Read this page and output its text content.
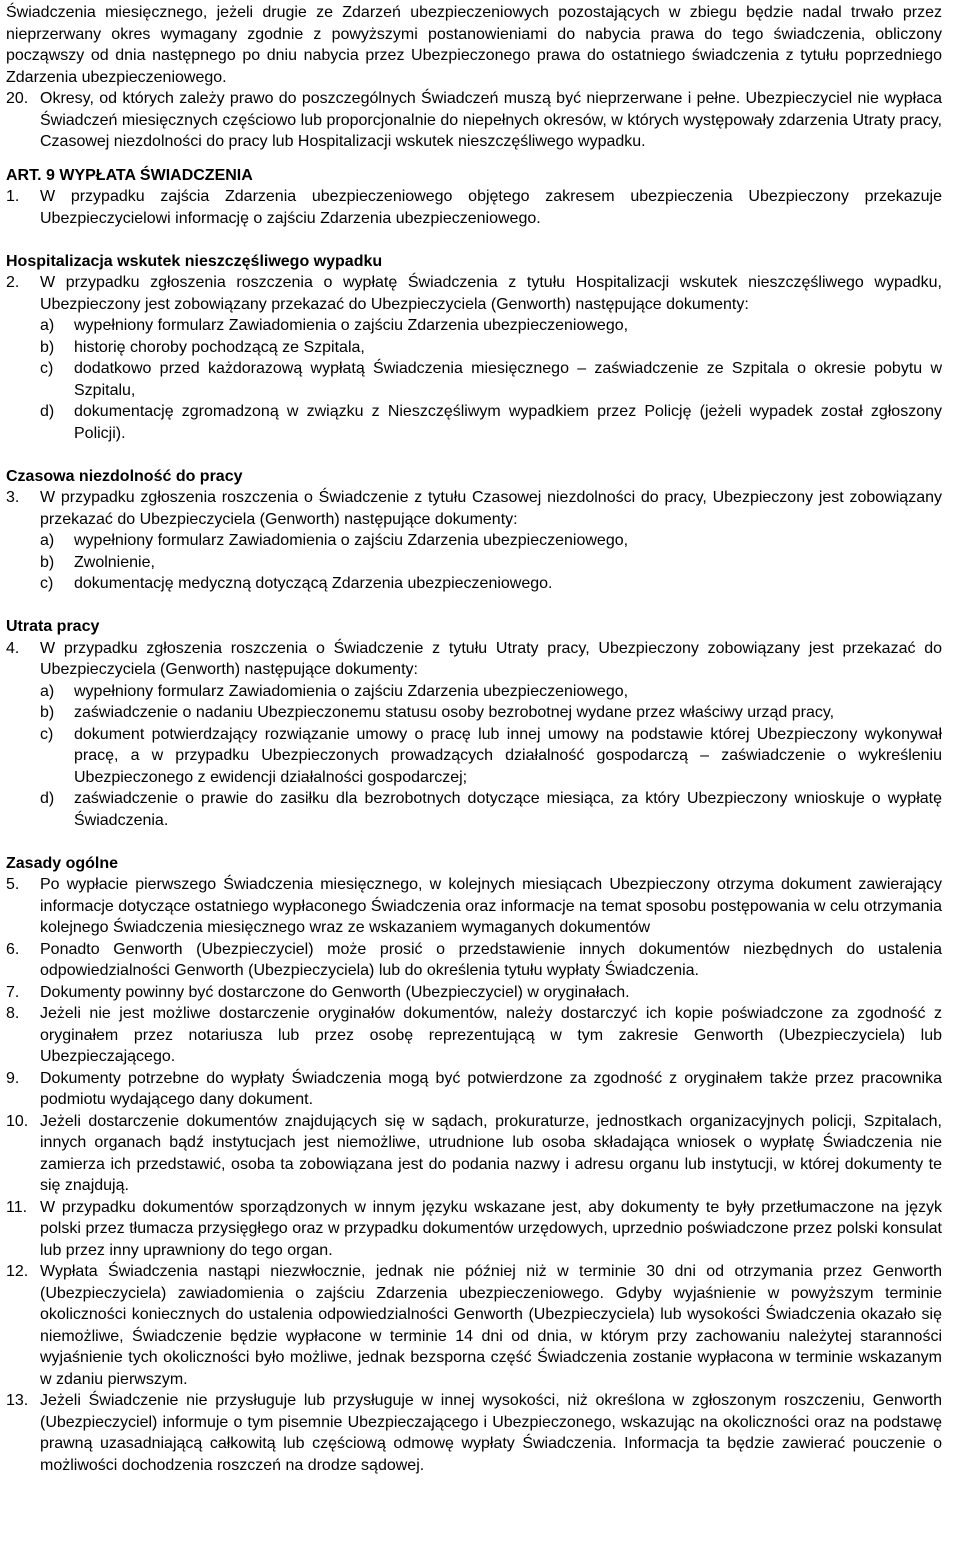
Świadczenia miesięcznego, jeżeli drugie ze Zdarzeń ubezpieczeniowych pozostających w zbiegu będzie nadal trwało przez nieprzerwany okres wymagany zgodnie z powyższymi postanowieniami do nabycia prawa do tego świadczenia, obliczony począwszy od dnia następnego po dniu nabycia przez Ubezpieczonego prawa do ostatniego świadczenia z tytułu poprzedniego Zdarzenia ubezpieczeniowego.

20. Okresy, od których zależy prawo do poszczególnych Świadczeń muszą być nieprzerwane i pełne. Ubezpieczyciel nie wypłaca Świadczeń miesięcznych częściowo lub proporcjonalnie do niepełnych okresów, w których występowały zdarzenia Utraty pracy, Czasowej niezdolności do pracy lub Hospitalizacji wskutek nieszczęśliwego wypadku.

ART. 9 WYPŁATA ŚWIADCZENIA

1.	W przypadku zajścia Zdarzenia ubezpieczeniowego objętego zakresem ubezpieczenia Ubezpieczony przekazuje Ubezpieczycielowi informację o zajściu Zdarzenia ubezpieczeniowego.

Hospitalizacja wskutek nieszczęśliwego wypadku

2.	W przypadku zgłoszenia roszczenia o wypłatę Świadczenia z tytułu Hospitalizacji wskutek nieszczęśliwego wypadku, Ubezpieczony jest zobowiązany przekazać do Ubezpieczyciela (Genworth) następujące dokumenty:
a)	wypełniony formularz Zawiadomienia o zajściu Zdarzenia ubezpieczeniowego,
b)	historię choroby pochodzącą ze Szpitala,
c)	dodatkowo przed każdorazową wypłatą Świadczenia miesięcznego – zaświadczenie ze Szpitala o okresie pobytu w Szpitalu,
d)	dokumentację zgromadzoną w związku z Nieszczęśliwym wypadkiem przez Policję (jeżeli wypadek został zgłoszony Policji).

Czasowa niezdolność do pracy

3.	W przypadku zgłoszenia roszczenia o Świadczenie z tytułu Czasowej niezdolności do pracy, Ubezpieczony jest zobowiązany przekazać do Ubezpieczyciela (Genworth) następujące dokumenty:
a)	wypełniony formularz Zawiadomienia o zajściu Zdarzenia ubezpieczeniowego,
b)	Zwolnienie,
c)	dokumentację medyczną dotyczącą Zdarzenia ubezpieczeniowego.

Utrata pracy

4.	W przypadku zgłoszenia roszczenia o Świadczenie z tytułu Utraty pracy, Ubezpieczony zobowiązany jest przekazać do Ubezpieczyciela (Genworth) następujące dokumenty:
a)	wypełniony formularz Zawiadomienia o zajściu Zdarzenia ubezpieczeniowego,
b)	zaświadczenie o nadaniu Ubezpieczonemu statusu osoby bezrobotnej wydane przez właściwy urząd pracy,
c)	dokument potwierdzający rozwiązanie umowy o pracę lub innej umowy na podstawie której Ubezpieczony wykonywał pracę, a w przypadku Ubezpieczonych prowadzących działalność gospodarczą – zaświadczenie o wykreśleniu Ubezpieczonego z ewidencji działalności gospodarczej;
d)	zaświadczenie o prawie do zasiłku dla bezrobotnych dotyczące miesiąca, za który Ubezpieczony wnioskuje o wypłatę Świadczenia.

Zasady ogólne

5.	Po wypłacie pierwszego Świadczenia miesięcznego, w kolejnych miesiącach Ubezpieczony otrzyma dokument zawierający informacje dotyczące ostatniego wypłaconego Świadczenia oraz informacje na temat sposobu postępowania w celu otrzymania kolejnego Świadczenia miesięcznego wraz ze wskazaniem wymaganych dokumentów
6.	Ponadto Genworth (Ubezpieczyciel) może prosić o przedstawienie innych dokumentów niezbędnych do ustalenia odpowiedzialności Genworth (Ubezpieczyciela) lub do określenia tytułu wypłaty Świadczenia.
7.	Dokumenty powinny być dostarczone do Genworth (Ubezpieczyciel) w oryginałach.
8.	Jeżeli nie jest możliwe dostarczenie oryginałów dokumentów, należy dostarczyć ich kopie poświadczone za zgodność z oryginałem przez notariusza lub przez osobę reprezentującą w tym zakresie Genworth (Ubezpieczyciela) lub Ubezpieczającego.
9.	Dokumenty potrzebne do wypłaty Świadczenia mogą być potwierdzone za zgodność z oryginałem także przez pracownika podmiotu wydającego dany dokument.
10. Jeżeli dostarczenie dokumentów znajdujących się w sądach, prokuraturze, jednostkach organizacyjnych policji, Szpitalach, innych organach bądź instytucjach jest niemożliwe, utrudnione lub osoba składająca wniosek o wypłatę Świadczenia nie zamierza ich przedstawić, osoba ta zobowiązana jest do podania nazwy i adresu organu lub instytucji, w której dokumenty te się znajdują.
11. W przypadku dokumentów sporządzonych w innym języku wskazane jest, aby dokumenty te były przetłumaczone na język polski przez tłumacza przysięgłego oraz w przypadku dokumentów urzędowych, uprzednio poświadczone przez polski konsulat lub przez inny uprawniony do tego organ.
12. Wypłata Świadczenia nastąpi niezwłocznie, jednak nie później niż w terminie 30 dni od otrzymania przez Genworth (Ubezpieczyciela) zawiadomienia o zajściu Zdarzenia ubezpieczeniowego. Gdyby wyjaśnienie w powyższym terminie okoliczności koniecznych do ustalenia odpowiedzialności Genworth (Ubezpieczyciela) lub wysokości Świadczenia okazało się niemożliwe, Świadczenie będzie wypłacone w terminie 14 dni od dnia, w którym przy zachowaniu należytej staranności wyjaśnienie tych okoliczności było możliwe, jednak bezsporna część Świadczenia zostanie wypłacona w terminie wskazanym w zdaniu pierwszym.
13. Jeżeli Świadczenie nie przysługuje lub przysługuje w innej wysokości, niż określona w zgłoszonym roszczeniu, Genworth (Ubezpieczyciel) informuje o tym pisemnie Ubezpieczającego i Ubezpieczonego, wskazując na okoliczności oraz na podstawę prawną uzasadniającą całkowitą lub częściową odmowę wypłaty Świadczenia. Informacja ta będzie zawierać pouczenie o możliwości dochodzenia roszczeń na drodze sądowej.
